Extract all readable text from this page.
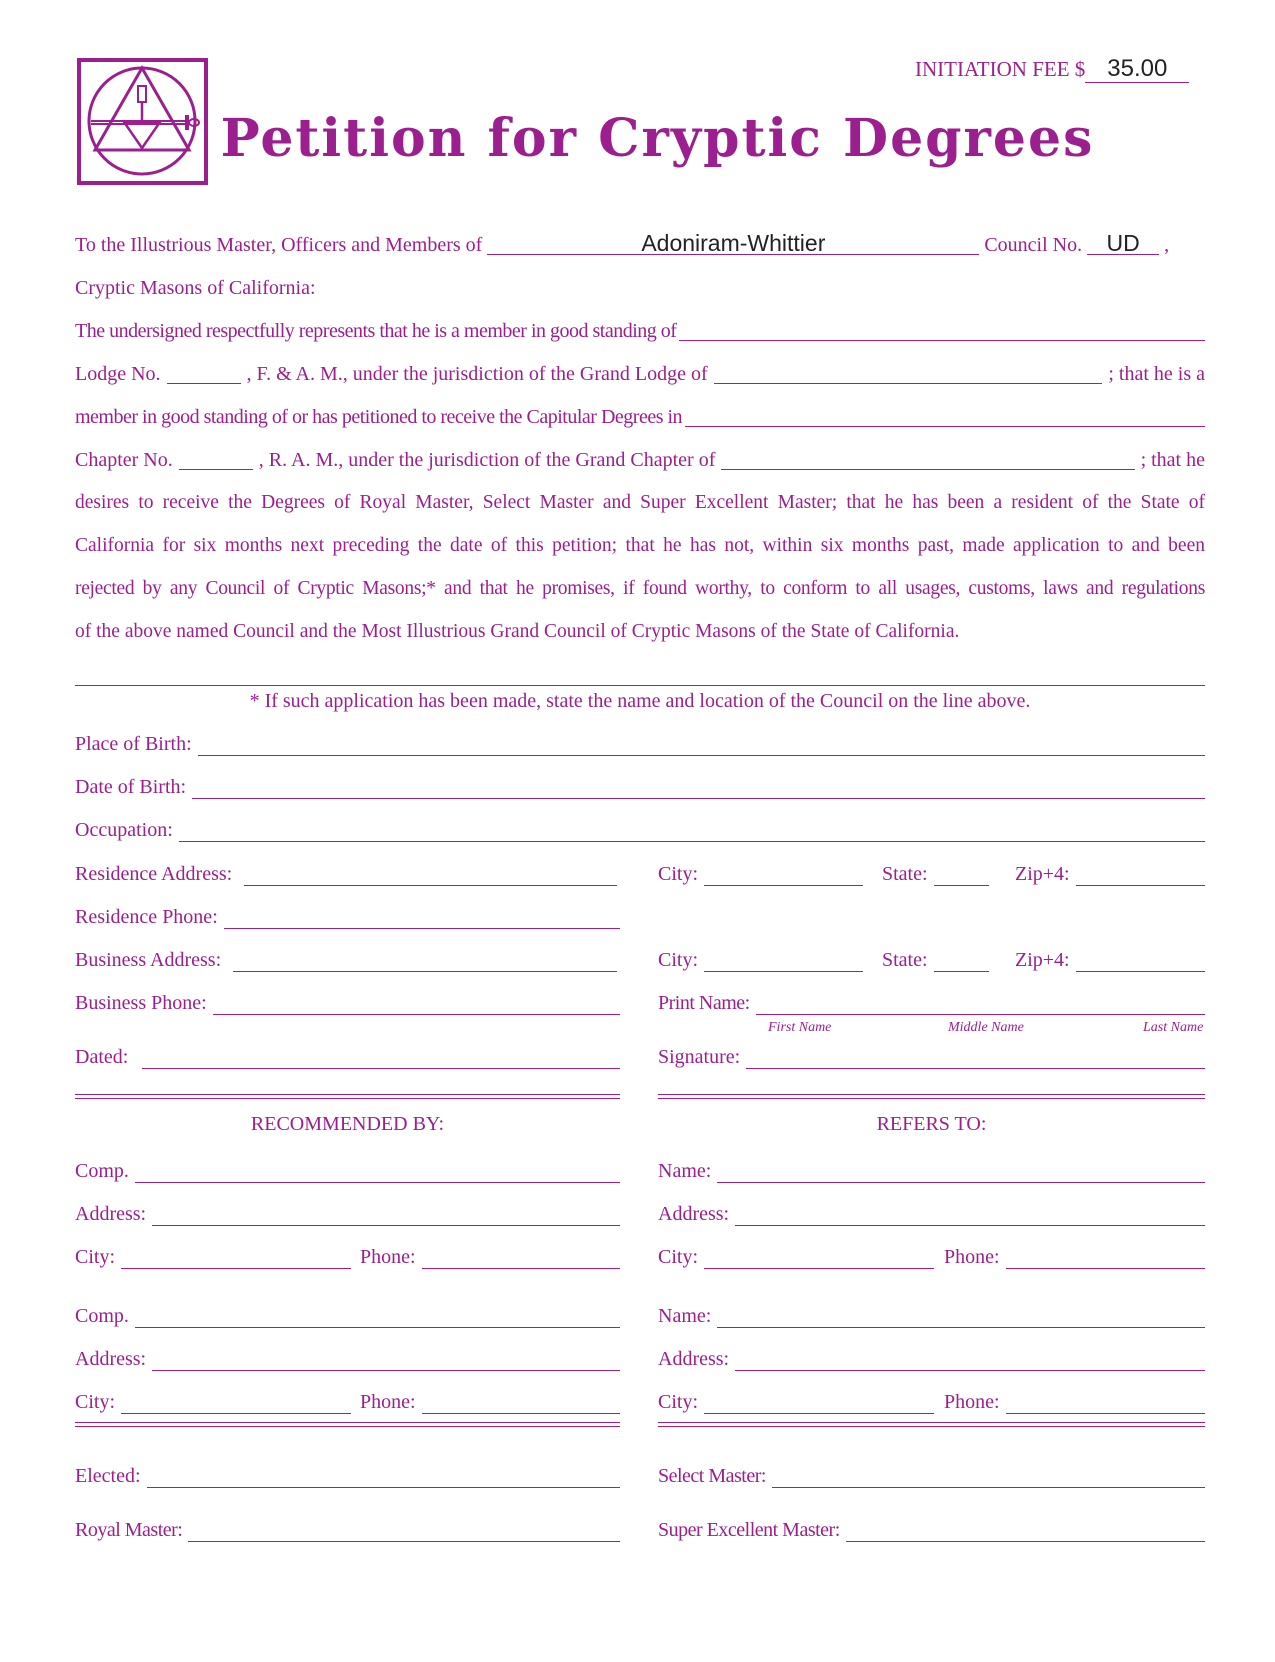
INITIATION FEE $ 35.00
Petition for Cryptic Degrees
To the Illustrious Master, Officers and Members of	Adoniram-Whittier	Council No. UD ,
Cryptic Masons of California:
The undersigned respectfully represents that he is a member in good standing of
Lodge No.	, F. & A. M., under the jurisdiction of the Grand Lodge of	; that he is a
member in good standing of or has petitioned to receive the Capitular Degrees in
Chapter No.	, R. A. M., under the jurisdiction of the Grand Chapter of	; that he
desires to receive the Degrees of Royal Master, Select Master and Super Excellent Master; that he has been a resident of the State of
California for six months next preceding the date of this petition; that he has not, within six months past, made application to and been
rejected by any Council of Cryptic Masons;* and that he promises, if found worthy, to conform to all usages, customs, laws and regulations
of the above named Council and the Most Illustrious Grand Council of Cryptic Masons of the State of California.
* If such application has been made, state the name and location of the Council on the line above.
Place of Birth:
Date of Birth:
Occupation:
Residence Address:	City:	State:	Zip+4:
Residence Phone:
Business Address:	City:	State:	Zip+4:
Business Phone:	Print Name:
First Name	Middle Name	Last Name
Dated:	Signature:
RECOMMENDED BY:	REFERS TO:
Comp.	Name:
Address:	Address:
City:	Phone:	City:	Phone:
Comp.	Name:
Address:	Address:
City:	Phone:	City:	Phone:
Elected:	Select Master:
Royal Master:	Super Excellent Master:
